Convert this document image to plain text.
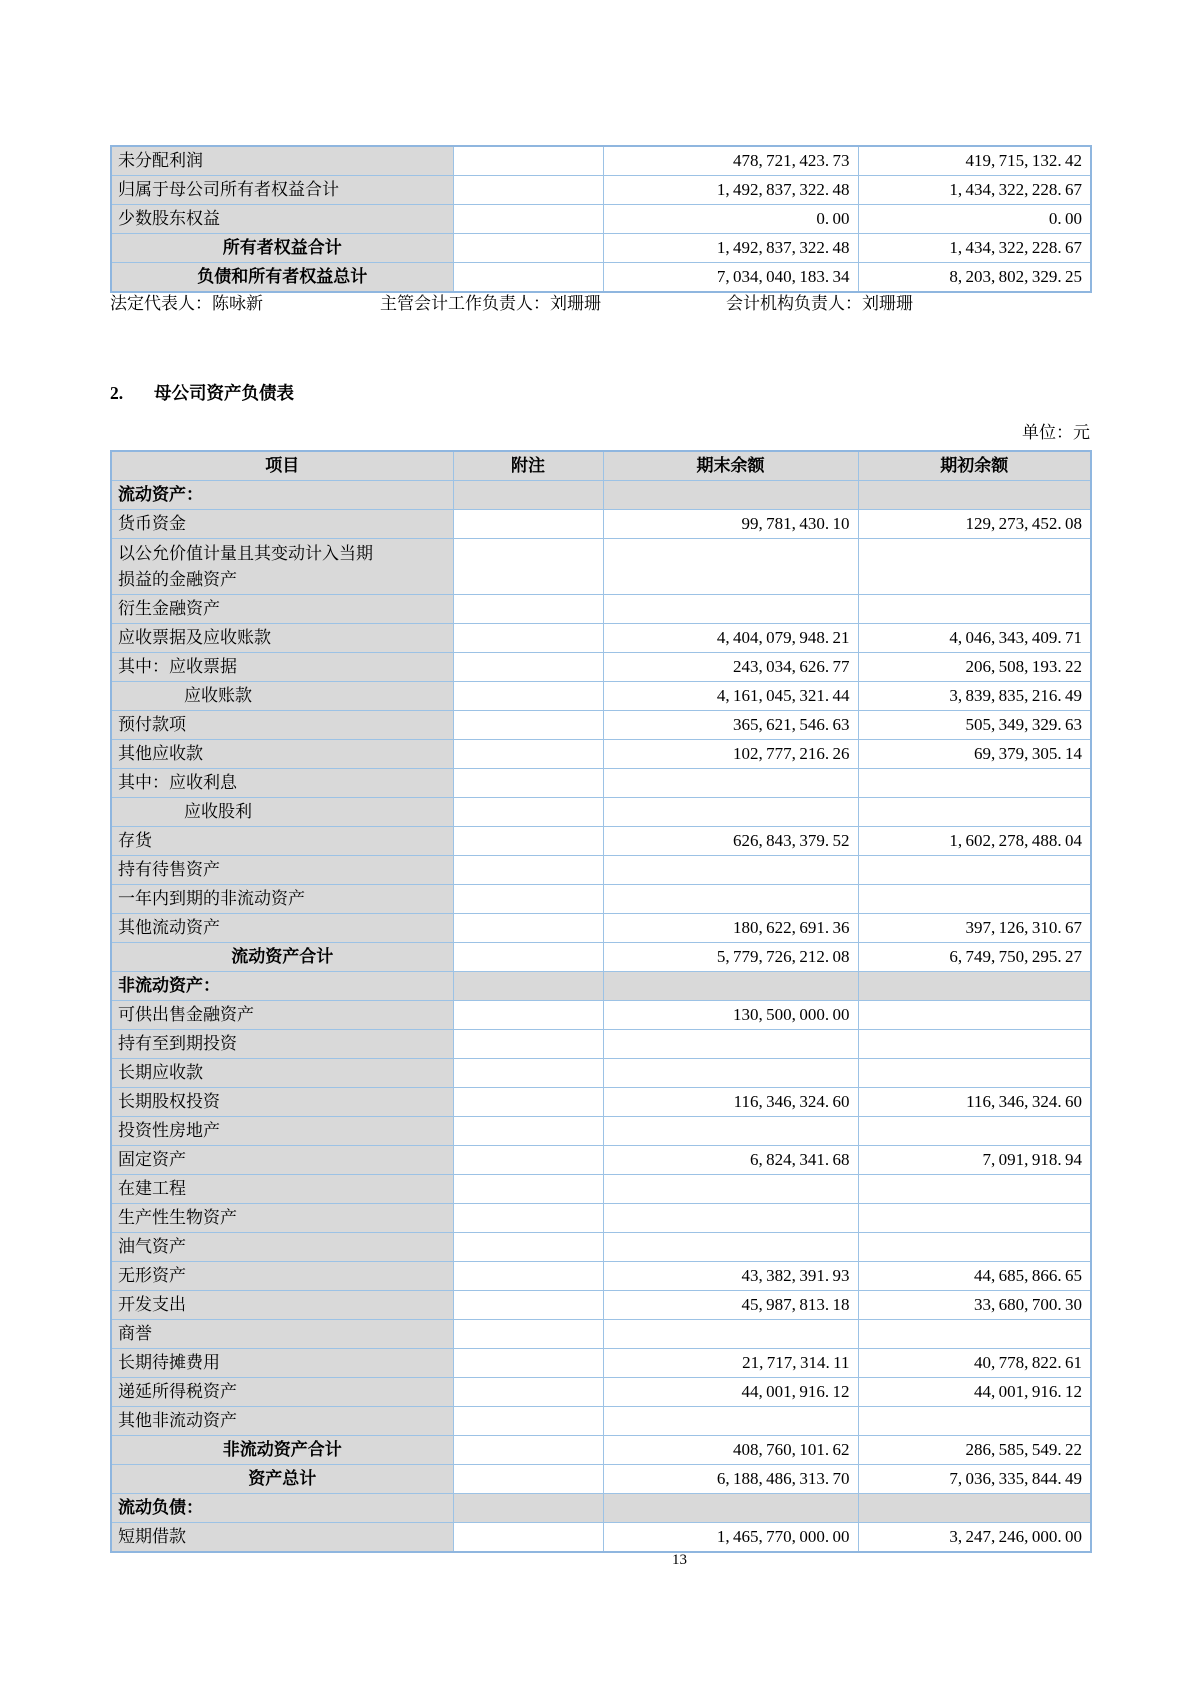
未分配利润		478, 721, 423. 73	419, 715, 132. 42
归属于母公司所有者权益合计		1, 492, 837, 322. 48	1, 434, 322, 228. 67
少数股东权益		0. 00	0. 00
所有者权益合计		1, 492, 837, 322. 48	1, 434, 322, 228. 67
负债和所有者权益总计		7, 034, 040, 183. 34	8, 203, 802, 329. 25
法定代表人：陈咏新	主管会计工作负责人：刘珊珊	会计机构负责人：刘珊珊
2. 母公司资产负债表
单位：元
项目	附注	期末余额	期初余额
流动资产：			
货币资金		99, 781, 430. 10	129, 273, 452. 08
以公允价值计量且其变动计入当期损益的金融资产			
衍生金融资产			
应收票据及应收账款		4, 404, 079, 948. 21	4, 046, 343, 409. 71
其中：应收票据		243, 034, 626. 77	206, 508, 193. 22
应收账款		4, 161, 045, 321. 44	3, 839, 835, 216. 49
预付款项		365, 621, 546. 63	505, 349, 329. 63
其他应收款		102, 777, 216. 26	69, 379, 305. 14
其中：应收利息			
应收股利			
存货		626, 843, 379. 52	1, 602, 278, 488. 04
持有待售资产			
一年内到期的非流动资产			
其他流动资产		180, 622, 691. 36	397, 126, 310. 67
流动资产合计		5, 779, 726, 212. 08	6, 749, 750, 295. 27
非流动资产：			
可供出售金融资产		130, 500, 000. 00	
持有至到期投资			
长期应收款			
长期股权投资		116, 346, 324. 60	116, 346, 324. 60
投资性房地产			
固定资产		6, 824, 341. 68	7, 091, 918. 94
在建工程			
生产性生物资产			
油气资产			
无形资产		43, 382, 391. 93	44, 685, 866. 65
开发支出		45, 987, 813. 18	33, 680, 700. 30
商誉			
长期待摊费用		21, 717, 314. 11	40, 778, 822. 61
递延所得税资产		44, 001, 916. 12	44, 001, 916. 12
其他非流动资产			
非流动资产合计		408, 760, 101. 62	286, 585, 549. 22
资产总计		6, 188, 486, 313. 70	7, 036, 335, 844. 49
流动负债：			
短期借款		1, 465, 770, 000. 00	3, 247, 246, 000. 00
13
